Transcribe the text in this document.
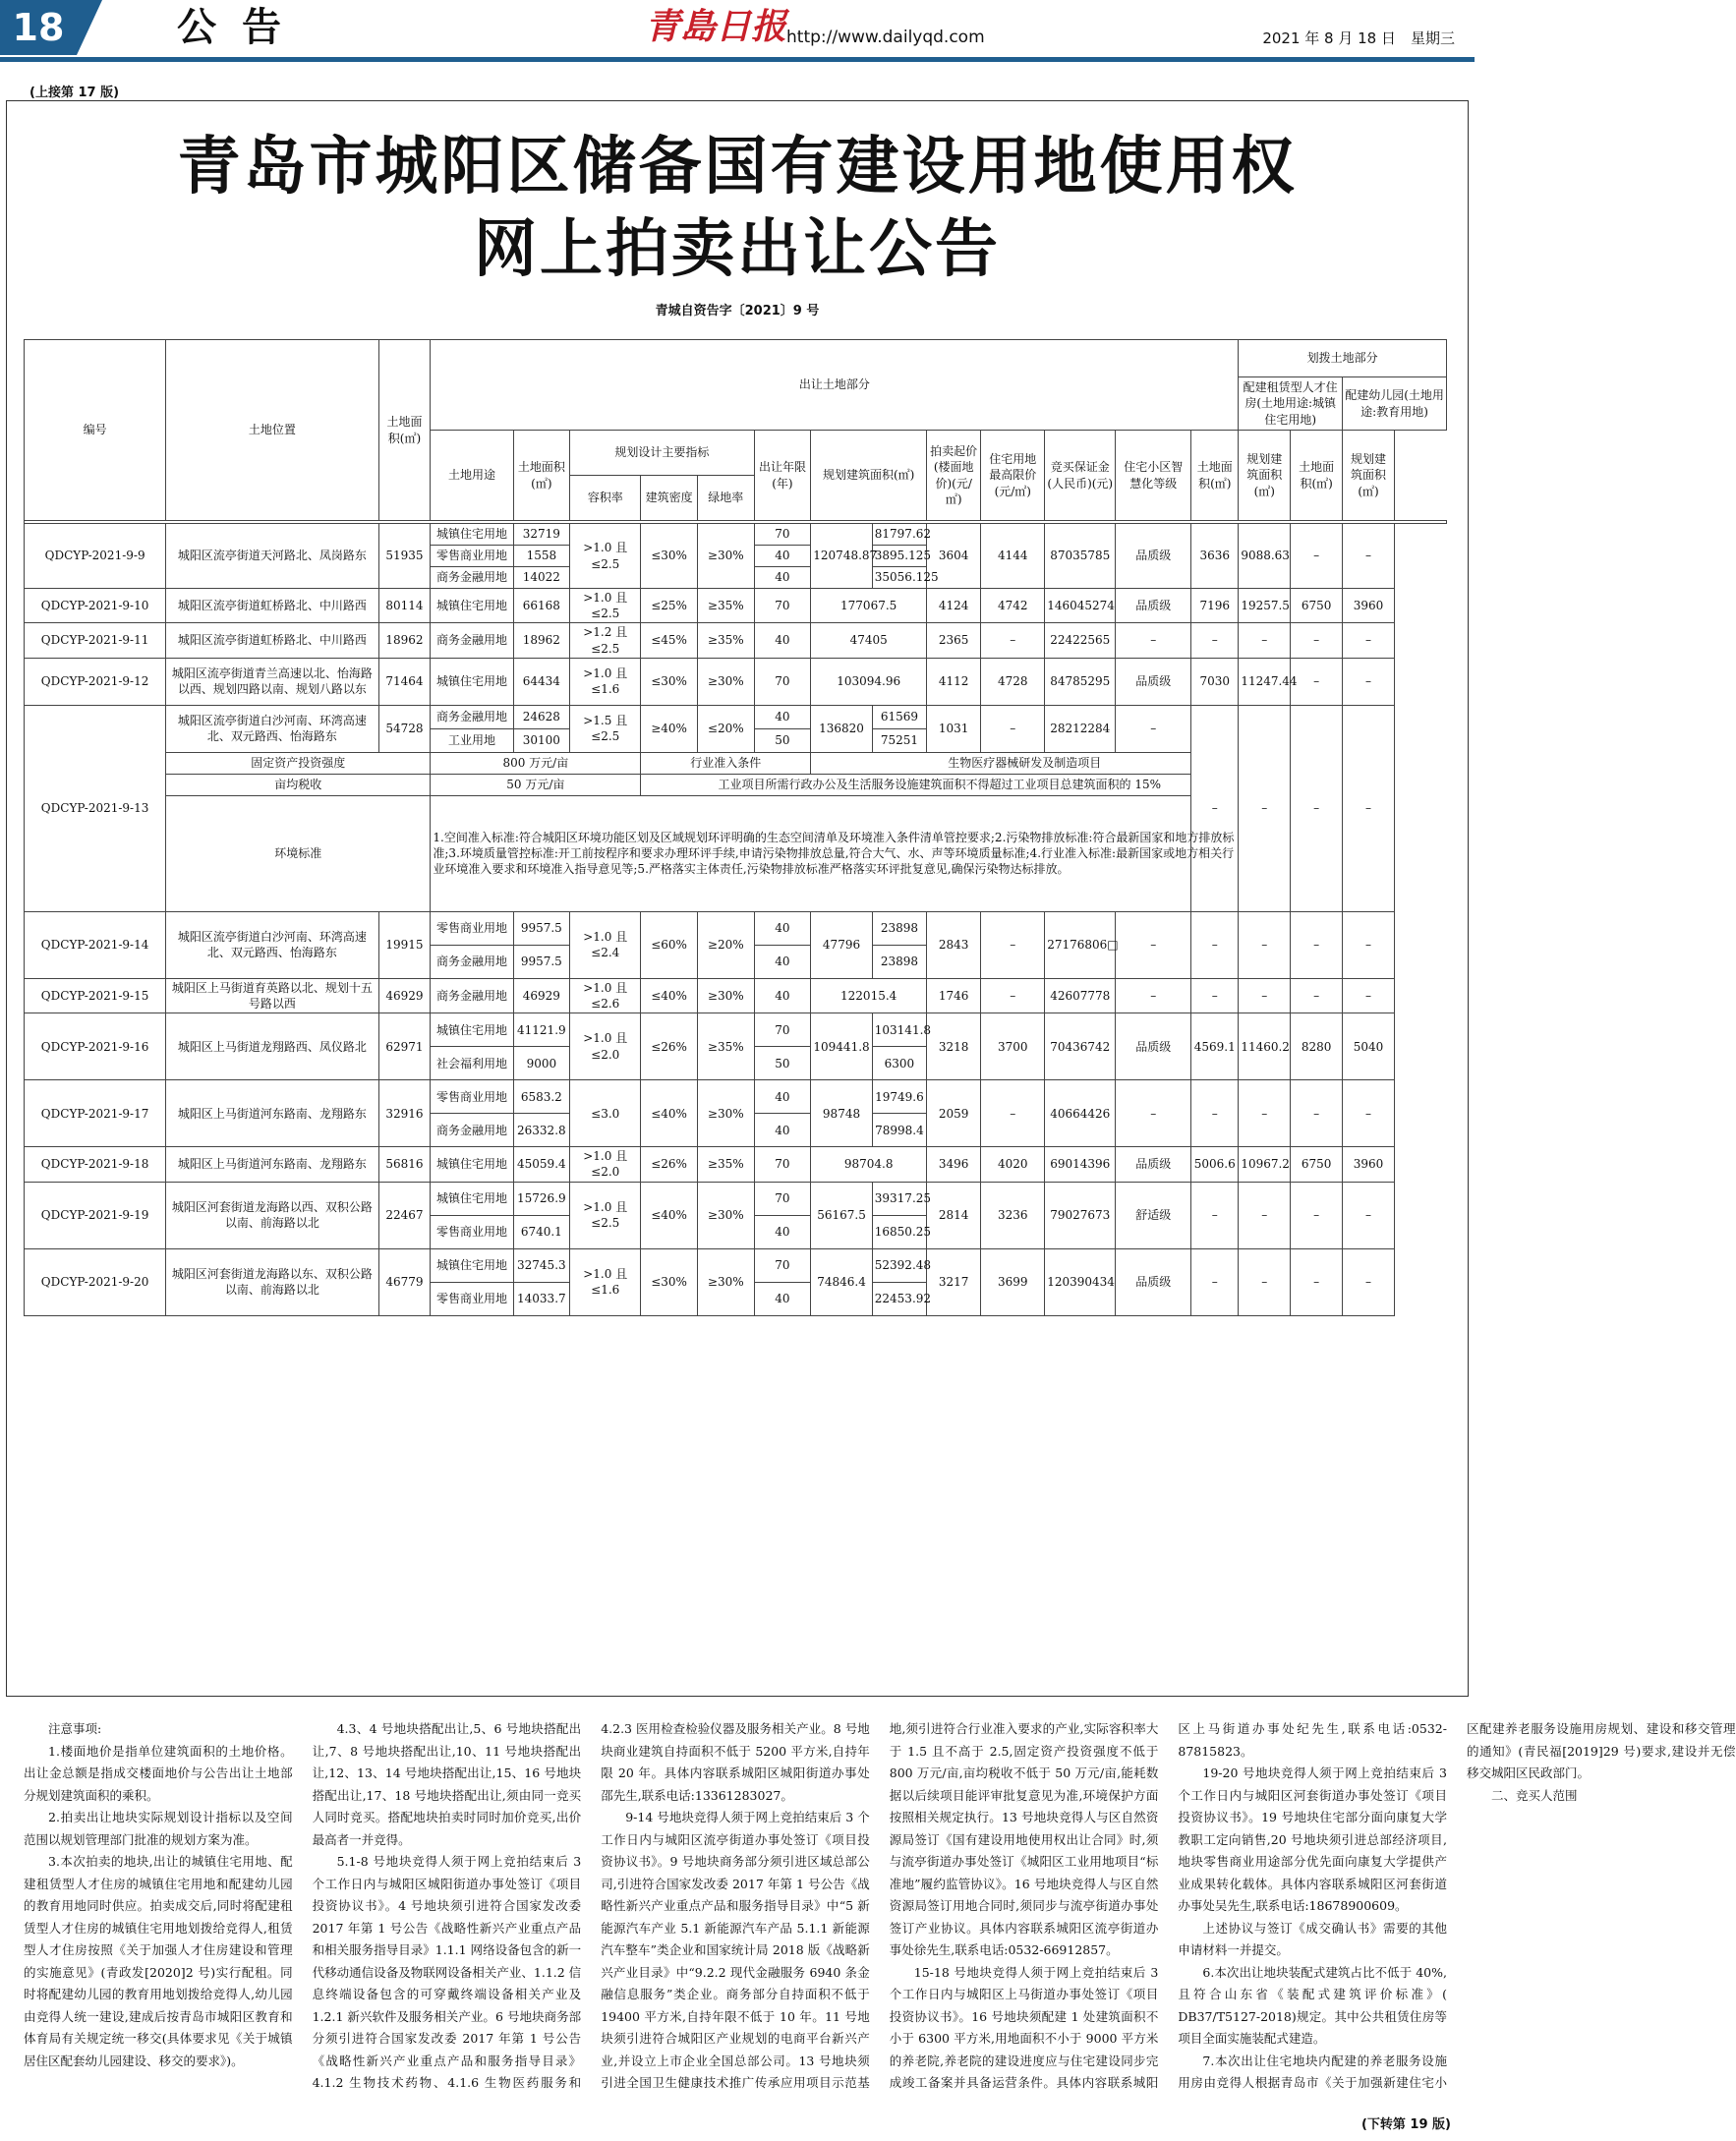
18	公告	青島日报 http://www.dailyqd.com	2021 年 8 月 18 日　星期三
(上接第 17 版)
青岛市城阳区储备国有建设用地使用权
网上拍卖出让公告
青城自资告字〔2021〕9 号
编号	土地位置	土地面积(㎡)	出让土地部分													划拨土地部分		
																配建租赁型人才住房(土地用途:城镇住宅用地)		配建幼儿园(土地用途:教育用地)
			土地用途	土地面积(㎡)	规划设计主要指标			出让年限(年)	规划建筑面积(㎡)		拍卖起价(楼面地价)(元/㎡)	住宅用地最高限价(元/㎡)	竞买保证金(人民币)(元)	住宅小区智慧化等级	土地面积(㎡)	规划建筑面积(㎡)	土地面积(㎡)	规划建筑面积(㎡)
					容积率	建筑密度	绿地率											

QDCYP-2021-9-9	城阳区流亭街道天河路北、凤岗路东	51935	城镇住宅用地	32719	>1.0 且≤2.5	≤30%	≥30%	70	120748.87	81797.62	3604	4144	87035785	品质级	3636	9088.63	–	–
			零售商业用地	1558				40		3895.125								
			商务金融用地	14022				40		35056.125								
QDCYP-2021-9-10	城阳区流亭街道虹桥路北、中川路西	80114	城镇住宅用地	66168	>1.0 且≤2.5	≤25%	≥35%	70	177067.5		4124	4742	146045274	品质级	7196	19257.5	6750	3960
QDCYP-2021-9-11	城阳区流亭街道虹桥路北、中川路西	18962	商务金融用地	18962	>1.2 且≤2.5	≤45%	≥35%	40	47405		2365	–	22422565	–	–	–	–	–
QDCYP-2021-9-12	城阳区流亭街道青兰高速以北、怡海路以西、规划四路以南、规划八路以东	71464	城镇住宅用地	64434	>1.0 且≤1.6	≤30%	≥30%	70	103094.96		4112	4728	84785295	品质级	7030	11247.44	–	–
QDCYP-2021-9-13	城阳区流亭街道白沙河南、环湾高速北、双元路西、怡海路东	54728	商务金融用地	24628	>1.5 且≤2.5	≥40%	≤20%	40	136820	61569	1031	–	28212284	–	–	–	–	–
			工业用地	30100				50		75251								
	固定资产投资强度		800 万元/亩			行业准入条件			生物医疗器械研发及制造项目									
	亩均税收		50 万元/亩			工业项目所需行政办公及生活服务设施建筑面积不得超过工业项目总建筑面积的 15%												
	环境标准		1.空间准入标准:符合城阳区环境功能区划及区域规划环评明确的生态空间清单及环境准入条件清单管控要求;2.污染物排放标准:符合最新国家和地方排放标准;3.环境质量管控标准:开工前按程序和要求办理环评手续,申请污染物排放总量,符合大气、水、声等环境质量标准;4.行业准入标准:最新国家或地方相关行业环境准入要求和环境准入指导意见等;5.严格落实主体责任,污染物排放标准严格落实环评批复意见,确保污染物达标排放。															
QDCYP-2021-9-14	城阳区流亭街道白沙河南、环湾高速北、双元路西、怡海路东	19915	零售商业用地	9957.5	>1.0 且≤2.4	≤60%	≥20%	40	47796	23898	2843	–	27176806□	–	–	–	–	–
			商务金融用地	9957.5				40		23898								
QDCYP-2021-9-15	城阳区上马街道育英路以北、规划十五号路以西	46929	商务金融用地	46929	>1.0 且≤2.6	≤40%	≥30%	40	122015.4		1746	–	42607778	–	–	–	–	–
QDCYP-2021-9-16	城阳区上马街道龙翔路西、凤仪路北	62971	城镇住宅用地	41121.9	>1.0 且≤2.0	≤26%	≥35%	70	109441.8	103141.8	3218	3700	70436742	品质级	4569.1	11460.2	8280	5040
			社会福利用地	9000				50		6300								
QDCYP-2021-9-17	城阳区上马街道河东路南、龙翔路东	32916	零售商业用地	6583.2	≤3.0	≤40%	≥30%	40	98748	19749.6	2059	–	40664426	–	–	–	–	–
			商务金融用地	26332.8				40		78998.4								
QDCYP-2021-9-18	城阳区上马街道河东路南、龙翔路东	56816	城镇住宅用地	45059.4	>1.0 且≤2.0	≤26%	≥35%	70	98704.8		3496	4020	69014396	品质级	5006.6	10967.2	6750	3960
QDCYP-2021-9-19	城阳区河套街道龙海路以西、双积公路以南、前海路以北	22467	城镇住宅用地	15726.9	>1.0 且≤2.5	≤40%	≥30%	70	56167.5	39317.25	2814	3236	79027673	舒适级	–	–	–	–
			零售商业用地	6740.1				40		16850.25								
QDCYP-2021-9-20	城阳区河套街道龙海路以东、双积公路以南、前海路以北	46779	城镇住宅用地	32745.3	>1.0 且≤1.6	≤30%	≥30%	70	74846.4	52392.48	3217	3699	120390434	品质级	–	–	–	–
			零售商业用地	14033.7				40		22453.92								

注意事项:

1.楼面地价是指单位建筑面积的土地价格。出让金总额是指成交楼面地价与公告出让土地部分规划建筑面积的乘积。

2.拍卖出让地块实际规划设计指标以及空间范围以规划管理部门批准的规划方案为准。

3.本次拍卖的地块,出让的城镇住宅用地、配建租赁型人才住房的城镇住宅用地和配建幼儿园的教育用地同时供应。拍卖成交后,同时将配建租赁型人才住房的城镇住宅用地划拨给竞得人,租赁型人才住房按照《关于加强人才住房建设和管理的实施意见》(青政发[2020]2 号)实行配租。同时将配建幼儿园的教育用地划拨给竞得人,幼儿园由竞得人统一建设,建成后按青岛市城阳区教育和体育局有关规定统一移交(具体要求见《关于城镇居住区配套幼儿园建设、移交的要求》)。

4.3、4 号地块搭配出让,5、6 号地块搭配出让,7、8 号地块搭配出让,10、11 号地块搭配出让,12、13、14 号地块搭配出让,15、16 号地块搭配出让,17、18 号地块搭配出让,须由同一竞买人同时竞买。搭配地块拍卖时同时加价竞买,出价最高者一并竞得。

5.1-8 号地块竞得人须于网上竞拍结束后 3 个工作日内与城阳区城阳街道办事处签订《项目投资协议书》。4 号地块须引进符合国家发改委 2017 年第 1 号公告《战略性新兴产业重点产品和相关服务指导目录》1.1.1 网络设备包含的新一代移动通信设备及物联网设备相关产业、1.1.2 信息终端设备包含的可穿戴终端设备相关产业及 1.2.1 新兴软件及服务相关产业。6 号地块商务部分须引进符合国家发改委 2017 年第 1 号公告《战略性新兴产业重点产品和服务指导目录》4.1.2 生物技术药物、4.1.6 生物医药服务和 4.2.3 医用检查检验仪器及服务相关产业。8 号地块商业建筑自持面积不低于 5200 平方米,自持年限 20 年。具体内容联系城阳区城阳街道办事处邵先生,联系电话:13361283027。

9-14 号地块竞得人须于网上竞拍结束后 3 个工作日内与城阳区流亭街道办事处签订《项目投资协议书》。9 号地块商务部分须引进区域总部公司,引进符合国家发改委 2017 年第 1 号公告《战略性新兴产业重点产品和服务指导目录》中“5 新能源汽车产业 5.1 新能源汽车产品 5.1.1 新能源汽车整车”类企业和国家统计局 2018 版《战略新兴产业目录》中“9.2.2 现代金融服务 6940 条金融信息服务”类企业。商务部分自持面积不低于 19400 平方米,自持年限不低于 10 年。11 号地块须引进符合城阳区产业规划的电商平台新兴产业,并设立上市企业全国总部公司。13 号地块须引进全国卫生健康技术推广传承应用项目示范基地,须引进符合行业准入要求的产业,实际容积率大于 1.5 且不高于 2.5,固定资产投资强度不低于 800 万元/亩,亩均税收不低于 50 万元/亩,能耗数据以后续项目能评审批复意见为准,环境保护方面按照相关规定执行。13 号地块竞得人与区自然资源局签订《国有建设用地使用权出让合同》时,须与流亭街道办事处签订《城阳区工业用地项目“标准地”履约监管协议》。16 号地块竞得人与区自然资源局签订用地合同时,须同步与流亭街道办事处签订产业协议。具体内容联系城阳区流亭街道办事处徐先生,联系电话:0532-66912857。

15-18 号地块竞得人须于网上竞拍结束后 3 个工作日内与城阳区上马街道办事处签订《项目投资协议书》。16 号地块须配建 1 处建筑面积不小于 6300 平方米,用地面积不小于 9000 平方米的养老院,养老院的建设进度应与住宅建设同步完成竣工备案并具备运营条件。具体内容联系城阳区上马街道办事处纪先生,联系电话:0532-87815823。

19-20 号地块竞得人须于网上竞拍结束后 3 个工作日内与城阳区河套街道办事处签订《项目投资协议书》。19 号地块住宅部分面向康复大学教职工定向销售,20 号地块须引进总部经济项目,地块零售商业用途部分优先面向康复大学提供产业成果转化载体。具体内容联系城阳区河套街道办事处吴先生,联系电话:18678900609。

上述协议与签订《成交确认书》需要的其他申请材料一并提交。

6.本次出让地块装配式建筑占比不低于 40%,且符合山东省《装配式建筑评价标准》( DB37/T5127-2018)规定。其中公共租赁住房等项目全面实施装配式建造。

7.本次出让住宅地块内配建的养老服务设施用房由竞得人根据青岛市《关于加强新建住宅小区配建养老服务设施用房规划、建设和移交管理的通知》(青民福[2019]29 号)要求,建设并无偿移交城阳区民政部门。

二、竞买人范围

(下转第 19 版)
